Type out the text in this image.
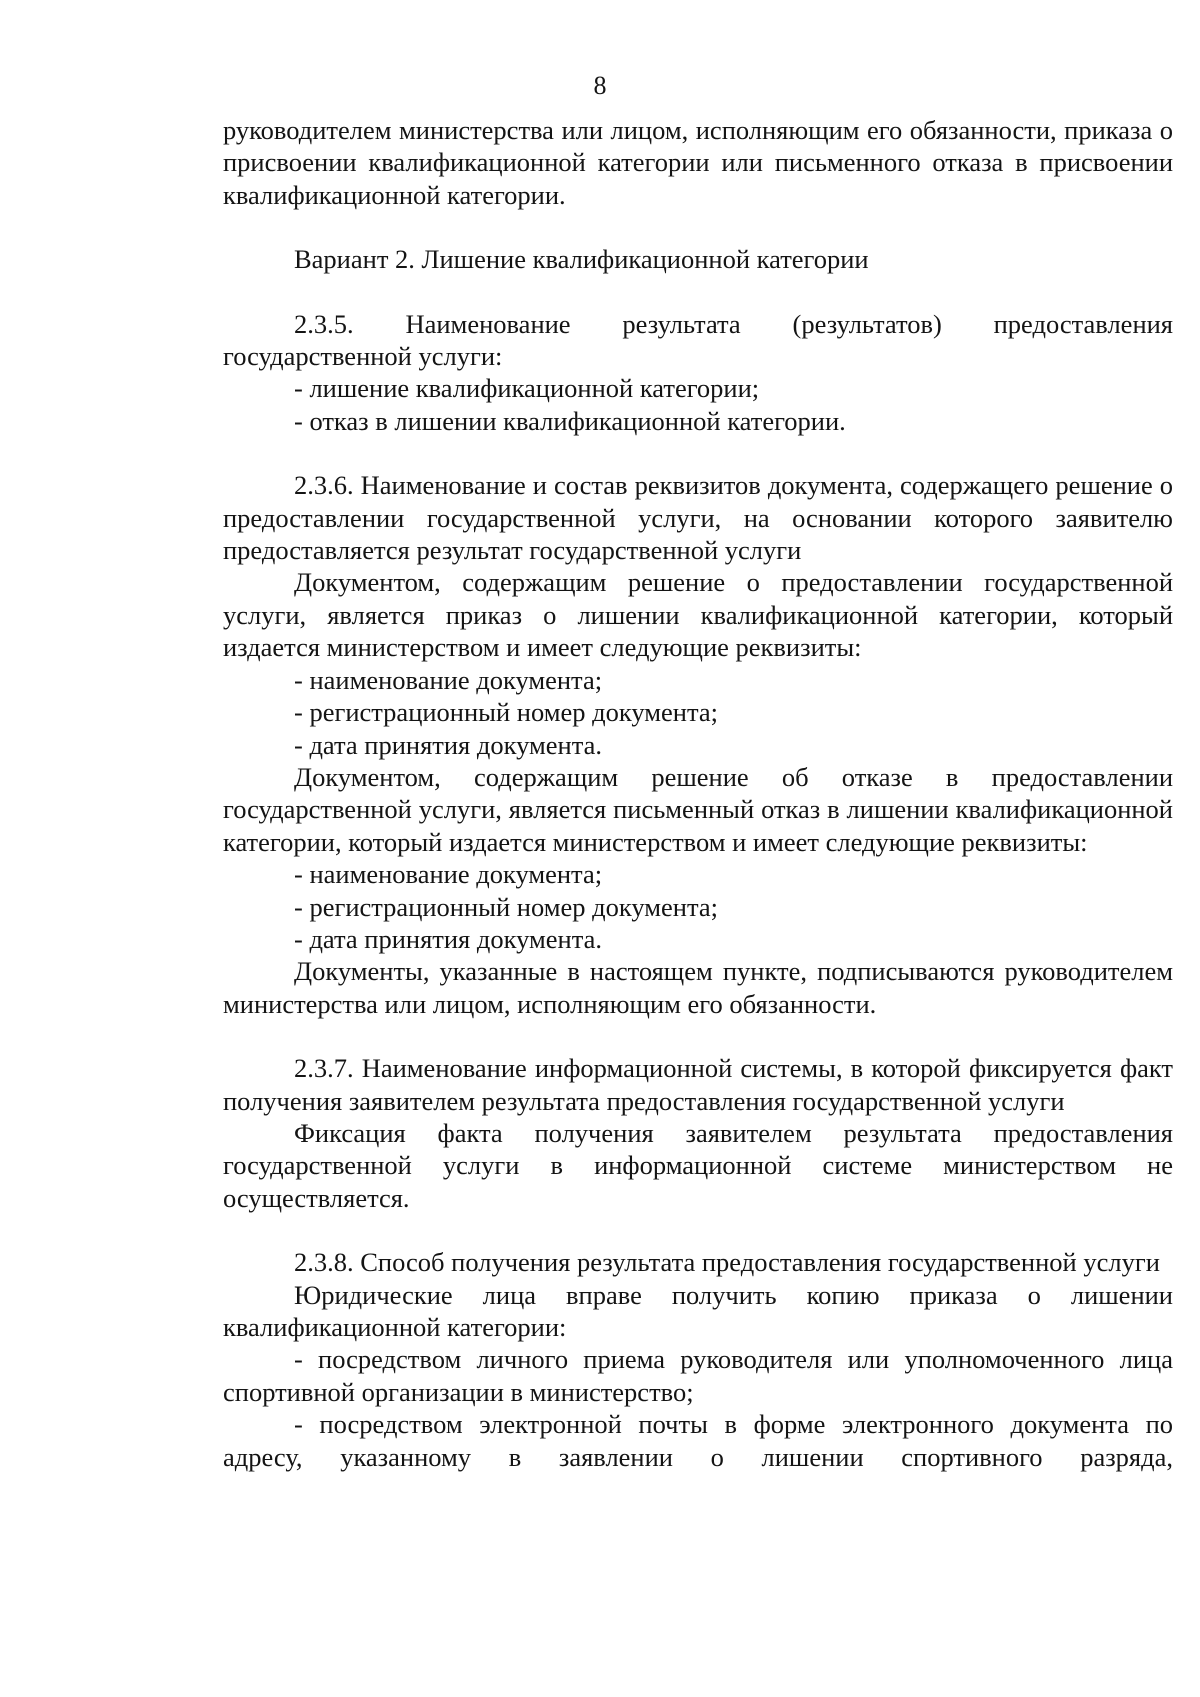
8

руководителем министерства или лицом, исполняющим его обязанности, приказа о присвоении квалификационной категории или письменного отказа в присвоении квалификационной категории.

Вариант 2. Лишение квалификационной категории

2.3.5. Наименование результата (результатов) предоставления государственной услуги:

- лишение квалификационной категории;

- отказ в лишении квалификационной категории.

2.3.6. Наименование и состав реквизитов документа, содержащего решение о предоставлении государственной услуги, на основании которого заявителю предоставляется результат государственной услуги

Документом, содержащим решение о предоставлении государственной услуги, является приказ о лишении квалификационной категории, который издается министерством и имеет следующие реквизиты:

- наименование документа;

- регистрационный номер документа;

- дата принятия документа.

Документом, содержащим решение об отказе в предоставлении государственной услуги, является письменный отказ в лишении квалификационной категории, который издается министерством и имеет следующие реквизиты:

- наименование документа;

- регистрационный номер документа;

- дата принятия документа.

Документы, указанные в настоящем пункте, подписываются руководителем министерства или лицом, исполняющим его обязанности.

2.3.7. Наименование информационной системы, в которой фиксируется факт получения заявителем результата предоставления государственной услуги

Фиксация факта получения заявителем результата предоставления государственной услуги в информационной системе министерством не осуществляется.

2.3.8. Способ получения результата предоставления государственной услуги

Юридические лица вправе получить копию приказа о лишении квалификационной категории:

- посредством личного приема руководителя или уполномоченного лица спортивной организации в министерство;

- посредством электронной почты в форме электронного документа по адресу, указанному в заявлении о лишении спортивного разряда,
